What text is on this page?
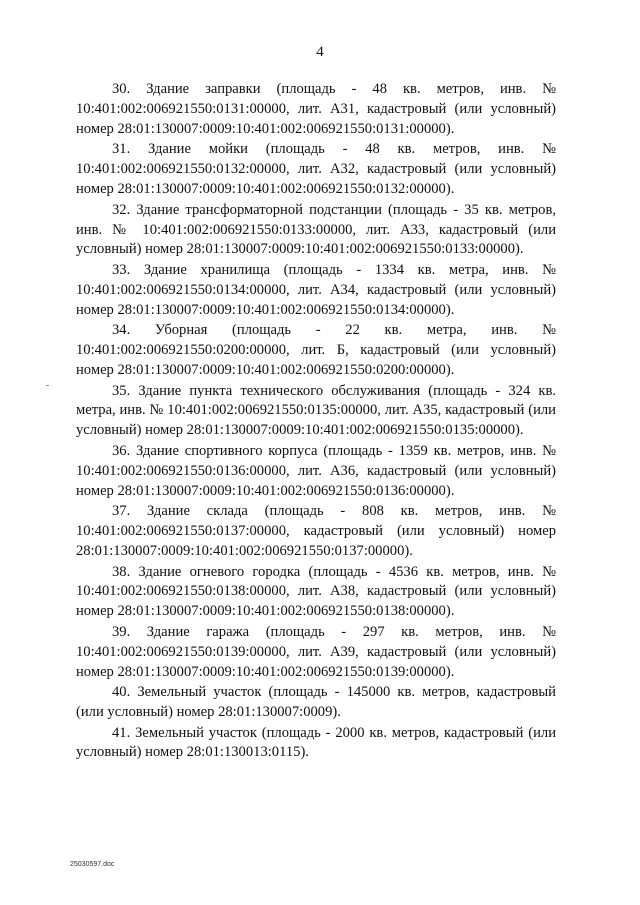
4

30. Здание заправки (площадь - 48 кв. метров, инв. № 10:401:002:006921550:0131:00000, лит. А31, кадастровый (или условный) номер 28:01:130007:0009:10:401:002:006921550:0131:00000).

31. Здание мойки (площадь - 48 кв. метров, инв. № 10:401:002:006921550:0132:00000, лит. А32, кадастровый (или условный) номер 28:01:130007:0009:10:401:002:006921550:0132:00000).

32. Здание трансформаторной подстанции (площадь - 35 кв. метров, инв. № 10:401:002:006921550:0133:00000, лит. А33, кадастровый (или условный) номер 28:01:130007:0009:10:401:002:006921550:0133:00000).

33. Здание хранилища (площадь - 1334 кв. метра, инв. № 10:401:002:006921550:0134:00000, лит. А34, кадастровый (или условный) номер 28:01:130007:0009:10:401:002:006921550:0134:00000).

34. Уборная (площадь - 22 кв. метра, инв. № 10:401:002:006921550:0200:00000, лит. Б, кадастровый (или условный) номер 28:01:130007:0009:10:401:002:006921550:0200:00000).

35. Здание пункта технического обслуживания (площадь - 324 кв. метра, инв. № 10:401:002:006921550:0135:00000, лит. А35, кадастровый (или условный) номер 28:01:130007:0009:10:401:002:006921550:0135:00000).

36. Здание спортивного корпуса (площадь - 1359 кв. метров, инв. № 10:401:002:006921550:0136:00000, лит. А36, кадастровый (или условный) номер 28:01:130007:0009:10:401:002:006921550:0136:00000).

37. Здание склада (площадь - 808 кв. метров, инв. № 10:401:002:006921550:0137:00000, кадастровый (или условный) номер 28:01:130007:0009:10:401:002:006921550:0137:00000).

38. Здание огневого городка (площадь - 4536 кв. метров, инв. № 10:401:002:006921550:0138:00000, лит. А38, кадастровый (или условный) номер 28:01:130007:0009:10:401:002:006921550:0138:00000).

39. Здание гаража (площадь - 297 кв. метров, инв. № 10:401:002:006921550:0139:00000, лит. А39, кадастровый (или условный) номер 28:01:130007:0009:10:401:002:006921550:0139:00000).

40. Земельный участок (площадь - 145000 кв. метров, кадастровый (или условный) номер 28:01:130007:0009).

41. Земельный участок (площадь - 2000 кв. метров, кадастровый (или условный) номер 28:01:130013:0115).

25030597.doc
